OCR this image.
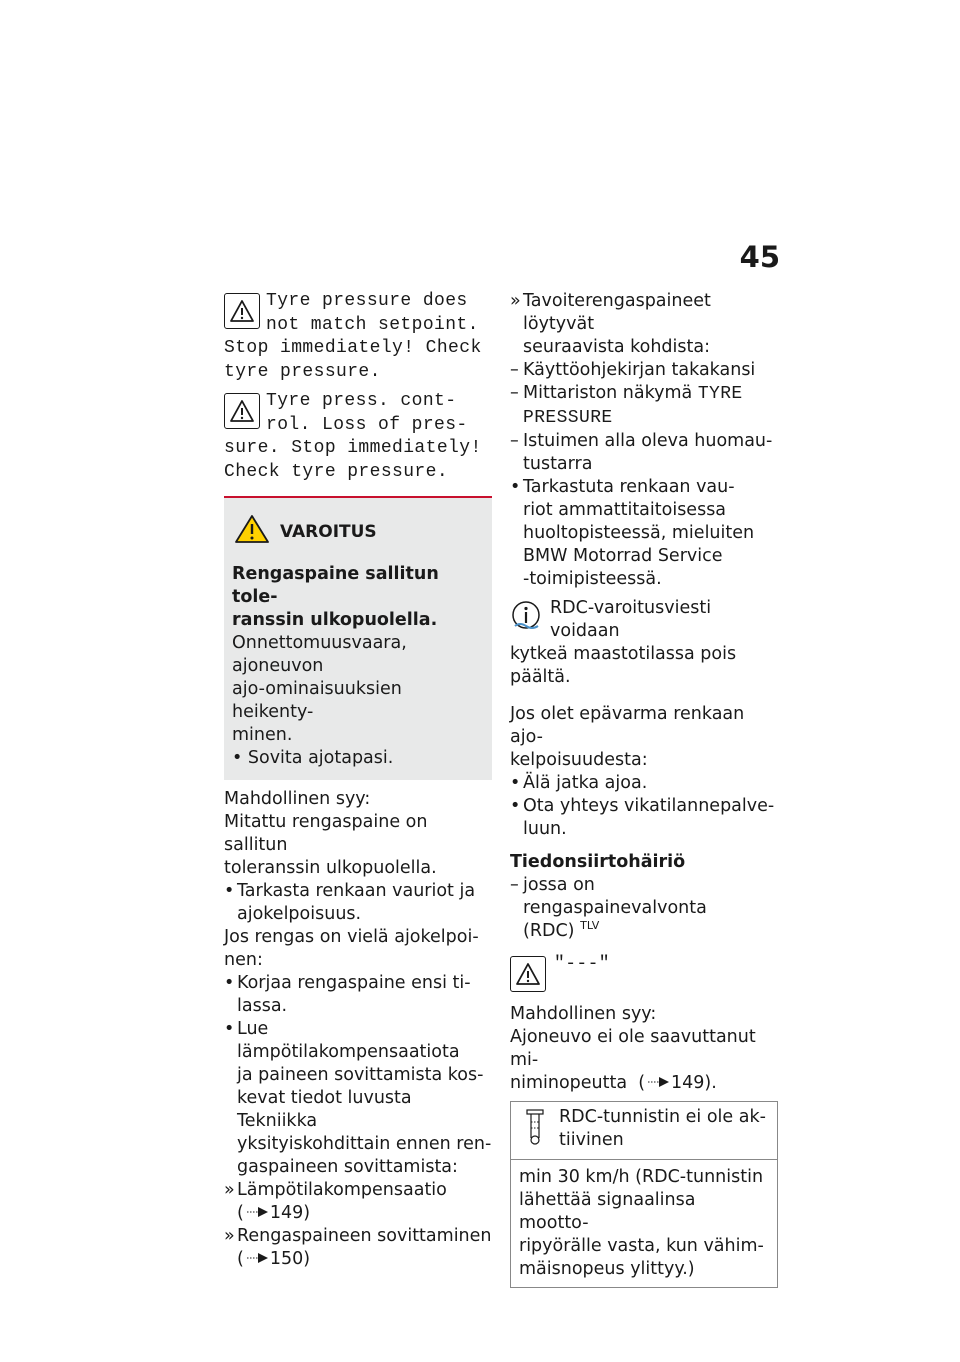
45

Tyre pressure does

not match setpoint.

Stop immediately! Check

tyre pressure.

Tyre press. cont-

rol. Loss of pres-

sure. Stop immediately!

Check tyre pressure.

VAROITUS

Rengaspaine sallitun tole-

ranssin ulkopuolella.

Onnettomuusvaara, ajoneuvon

ajo-ominaisuuksien heikenty-

minen.

• Sovita ajotapasi.

Mahdollinen syy:

Mitattu rengaspaine on sallitun

toleranssin ulkopuolella.

• Tarkasta renkaan vauriot ja

ajokelpoisuus.

Jos rengas on vielä ajokelpoi-

nen:

• Korjaa rengaspaine ensi ti-

lassa.

• Lue lämpötilakompensaatiota

ja paineen sovittamista kos-

kevat tiedot luvusta Tekniikka

yksityiskohdittain ennen ren-

gaspaineen sovittamista:

» Lämpötilakompensaatio

( 149)

» Rengaspaineen sovittaminen

( 150)

» Tavoiterengaspaineet löytyvät

seuraavista kohdista:

– Käyttöohjekirjan takakansi

– Mittariston näkymä TYRE

PRESSURE

– Istuimen alla oleva huomau-

tustarra

• Tarkastuta renkaan vau-

riot ammattitaitoisessa

huoltopisteessä, mieluiten

BMW Motorrad Service

-toimipisteessä.

RDC-varoitusviesti voidaan

kytkeä maastotilassa pois

päältä.

Jos olet epävarma renkaan ajo-

kelpoisuudesta:

• Älä jatka ajoa.

• Ota yhteys vikatilannepalve-

luun.

Tiedonsiirtohäiriö

– jossa on rengaspainevalvonta

(RDC) $^{TLV}$

"---"

Mahdollinen syy:

Ajoneuvo ei ole saavuttanut mi-

niminopeutta ( 149).

RDC-tunnistin ei ole ak-

tiivinen

min 30 km/h (RDC-tunnistin

lähettää signaalinsa mootto-

ripyörälle vasta, kun vähim-

mäisnopeus ylittyy.)
